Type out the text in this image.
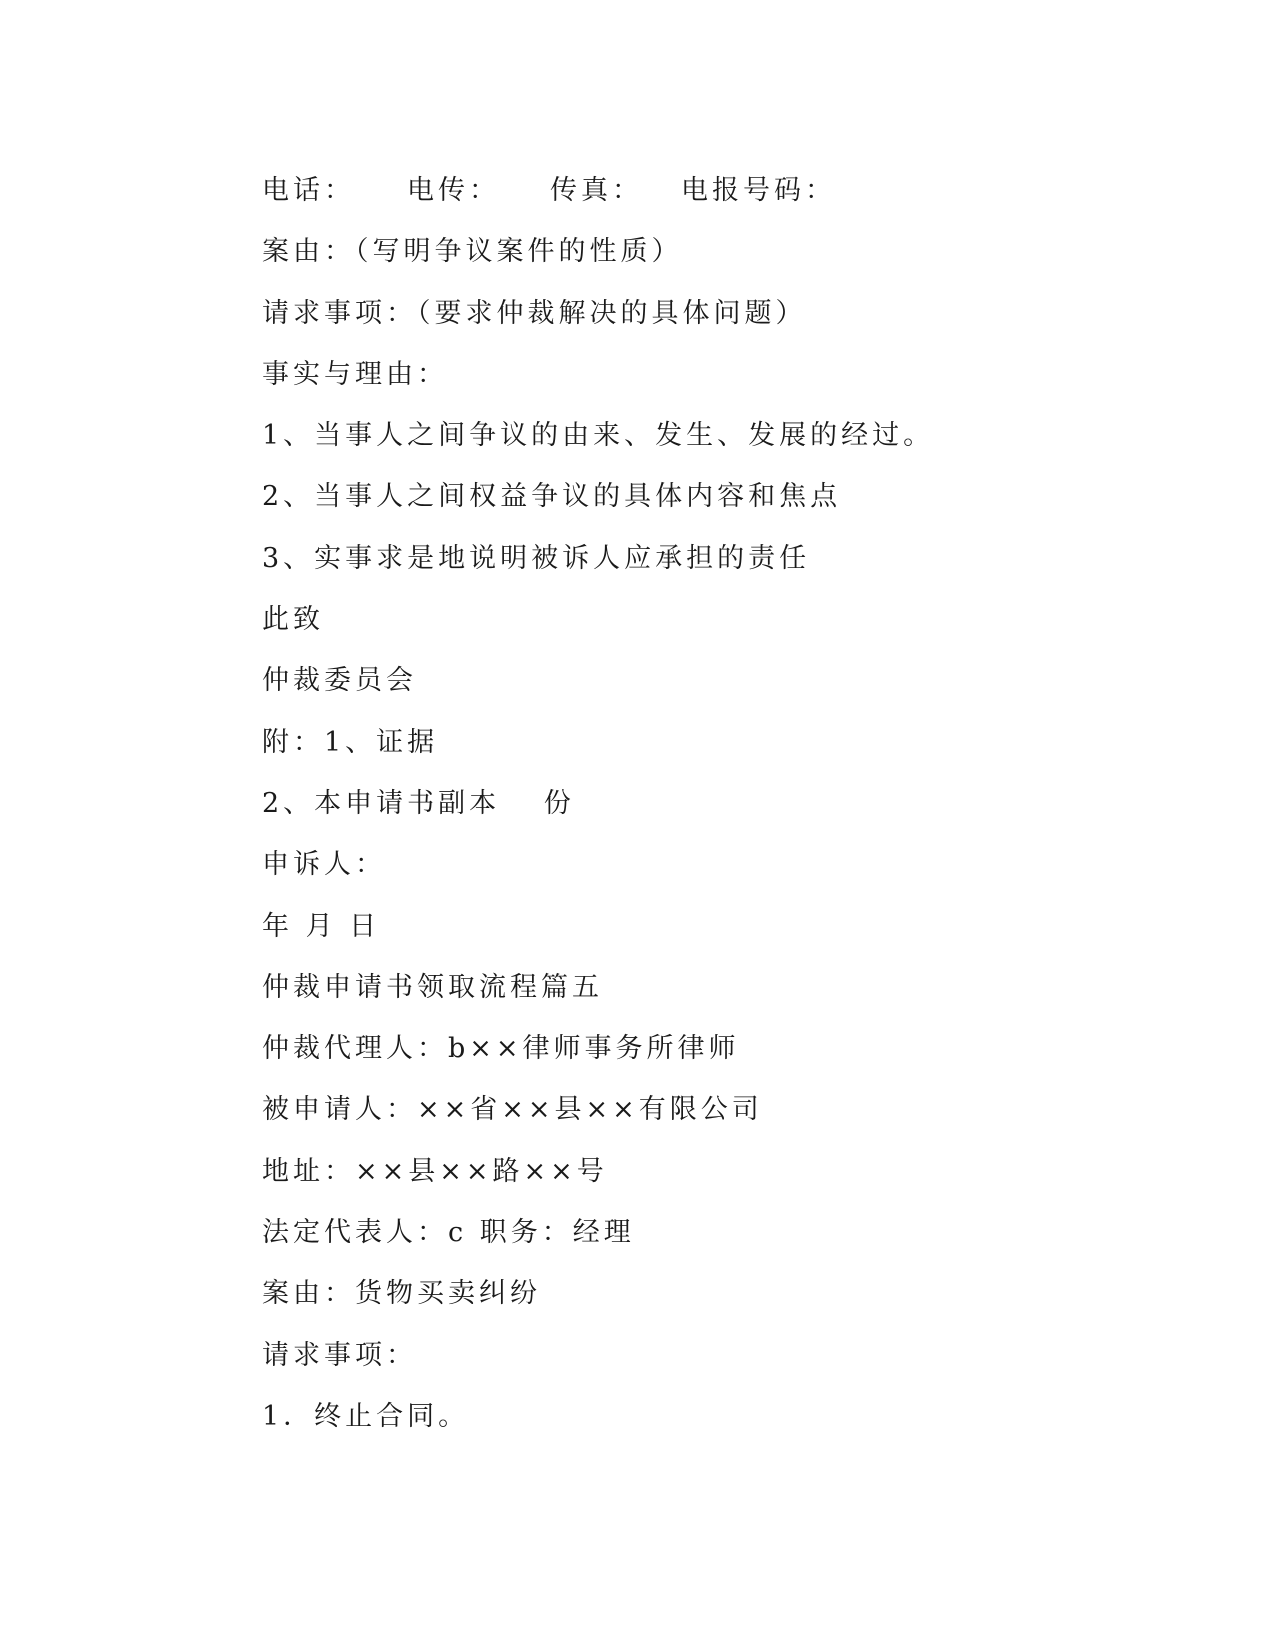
电话：	电传：	传真：	电报号码：
案由：（写明争议案件的性质）
请求事项：（要求仲裁解决的具体问题）
事实与理由：
1、当事人之间争议的由来、发生、发展的经过。
2、当事人之间权益争议的具体内容和焦点
3、实事求是地说明被诉人应承担的责任
此致
仲裁委员会
附：1、证据
2、本申请书副本　 份
申诉人：
年 月 日
仲裁申请书领取流程篇五
仲裁代理人：b××律师事务所律师
被申请人：××省××县××有限公司
地址：××县××路××号
法定代表人：c 职务：经理
案由：货物买卖纠纷
请求事项：
1．终止合同。
